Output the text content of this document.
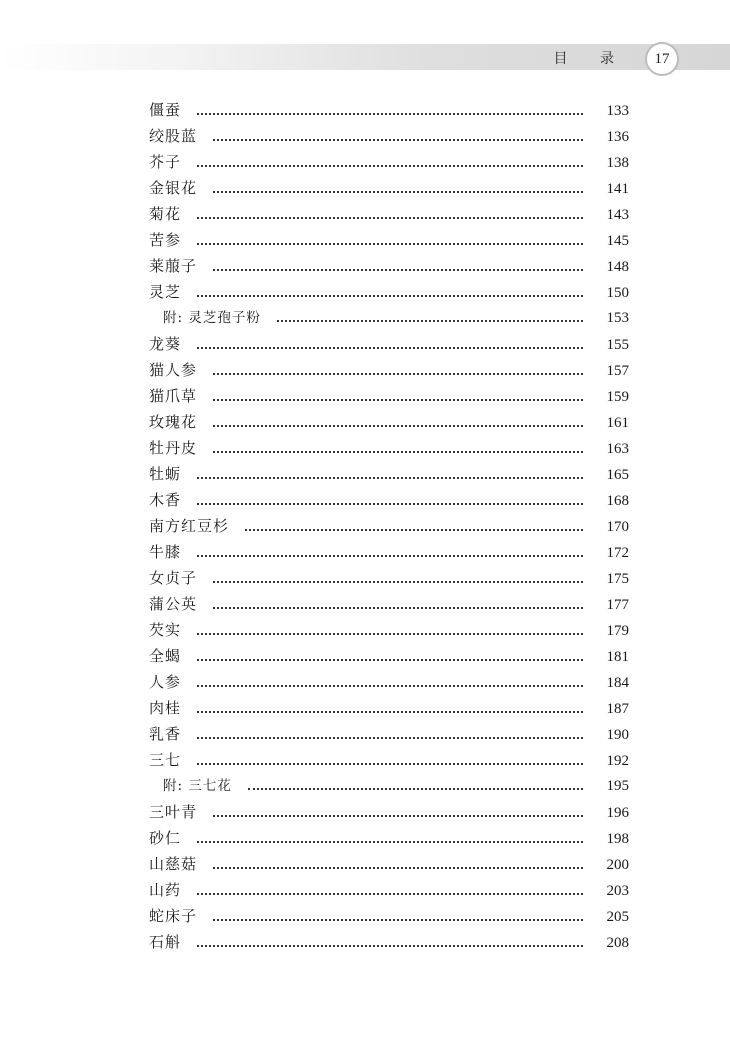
目 录	17
僵蚕	133
绞股蓝	136
芥子	138
金银花	141
菊花	143
苦参	145
莱菔子	148
灵芝	150
附: 灵芝孢子粉	153
龙葵	155
猫人参	157
猫爪草	159
玫瑰花	161
牡丹皮	163
牡蛎	165
木香	168
南方红豆杉	170
牛膝	172
女贞子	175
蒲公英	177
芡实	179
全蝎	181
人参	184
肉桂	187
乳香	190
三七	192
附: 三七花	195
三叶青	196
砂仁	198
山慈菇	200
山药	203
蛇床子	205
石斛	208
